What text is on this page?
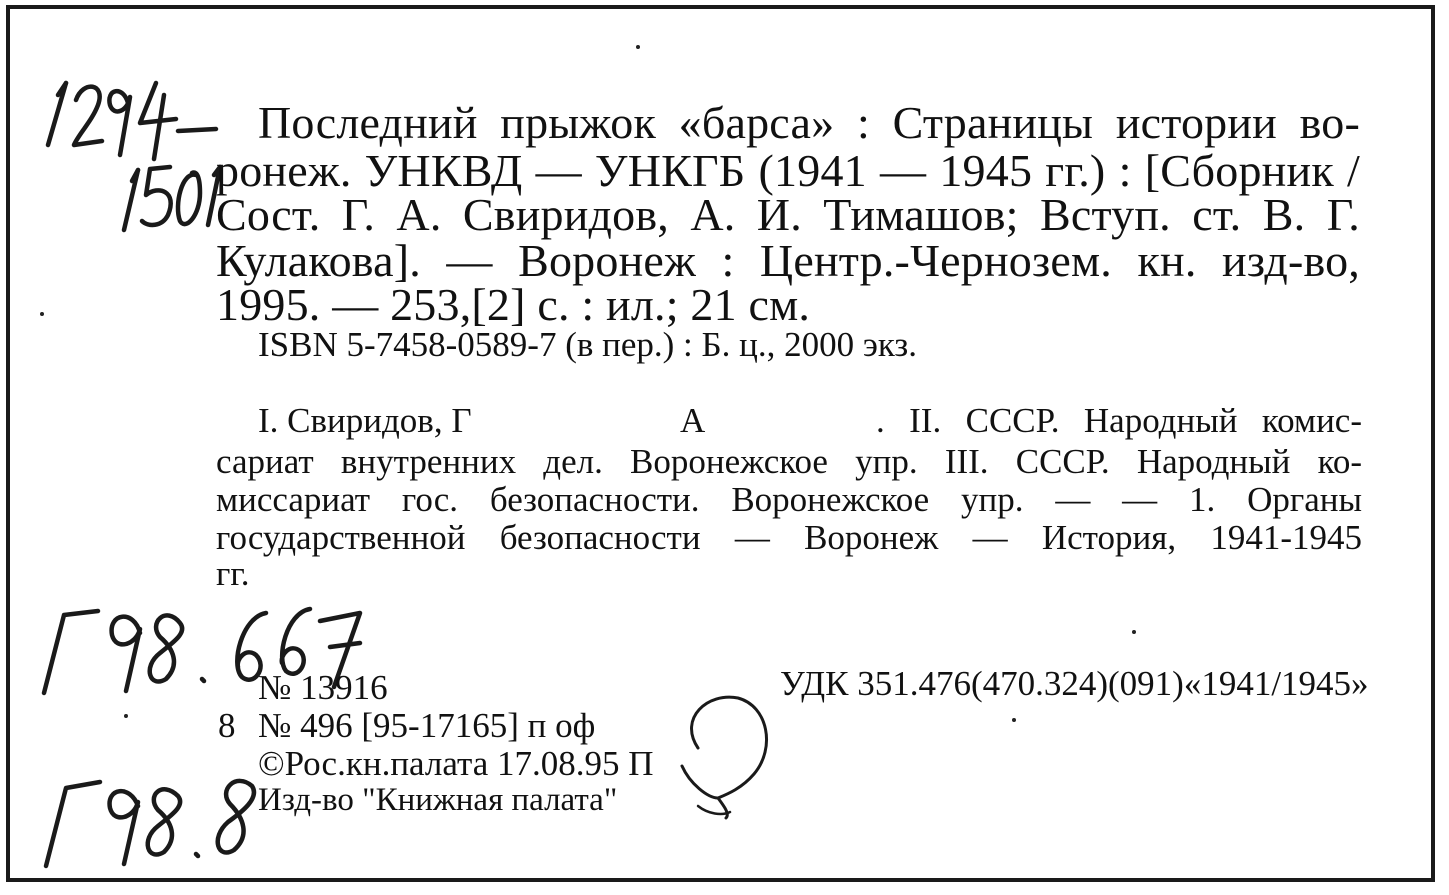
Последний прыжок «барса» : Страницы истории во-
ронеж. УНКВД — УНКГБ (1941 — 1945 гг.) : [Сборник /
Сост. Г. А. Свиридов, А. И. Тимашов; Вступ. ст. В. Г.
Кулакова]. — Воронеж : Центр.-Чернозем. кн. изд-во,
1995. — 253,[2] с. : ил.; 21 см.
ISBN 5-7458-0589-7 (в пер.) : Б. ц., 2000 экз.
I. Свиридов, Г	А	. II. СССР. Народный комис-
сариат внутренних дел. Воронежское упр. III. СССР. Народный ко-
миссариат гос. безопасности. Воронежское упр. — — 1. Органы
государственной безопасности — Воронеж — История, 1941-1945
гг.
№ 13916	УДК 351.476(470.324)(091)«1941/1945»
8 № 496 [95-17165] п оф
©Рос.кн.палата 17.08.95 П
Изд-во "Книжная палата"
